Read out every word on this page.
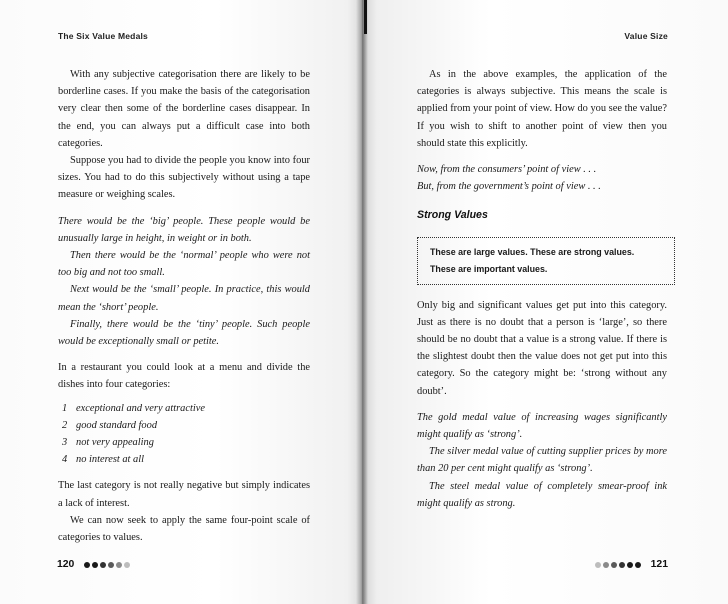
The Six Value Medals

With any subjective categorisation there are likely to be borderline cases. If you make the basis of the categorisation very clear then some of the borderline cases disappear. In the end, you can always put a difficult case into both categories.

Suppose you had to divide the people you know into four sizes. You had to do this subjectively without using a tape measure or weighing scales.

There would be the ‘big’ people. These people would be unusually large in height, in weight or in both.

Then there would be the ‘normal’ people who were not too big and not too small.

Next would be the ‘small’ people. In practice, this would mean the ‘short’ people.

Finally, there would be the ‘tiny’ people. Such people would be exceptionally small or petite.

In a restaurant you could look at a menu and divide the dishes into four categories:

1 exceptional and very attractive
2 good standard food
3 not very appealing
4 no interest at all

The last category is not really negative but simply indicates a lack of interest.

We can now seek to apply the same four-point scale of categories to values.

120
Value Size

As in the above examples, the application of the categories is always subjective. This means the scale is applied from your point of view. How do you see the value? If you wish to shift to another point of view then you should state this explicitly.

Now, from the consumers’ point of view . . .

But, from the government’s point of view . . .

Strong Values
These are large values. These are strong values.
These are important values.

Only big and significant values get put into this category. Just as there is no doubt that a person is ‘large’, so there should be no doubt that a value is a strong value. If there is the slightest doubt then the value does not get put into this category. So the category might be: ‘strong without any doubt’.

The gold medal value of increasing wages significantly might qualify as ‘strong’.

The silver medal value of cutting supplier prices by more than 20 per cent might qualify as ‘strong’.

The steel medal value of completely smear-proof ink might qualify as strong.

121
